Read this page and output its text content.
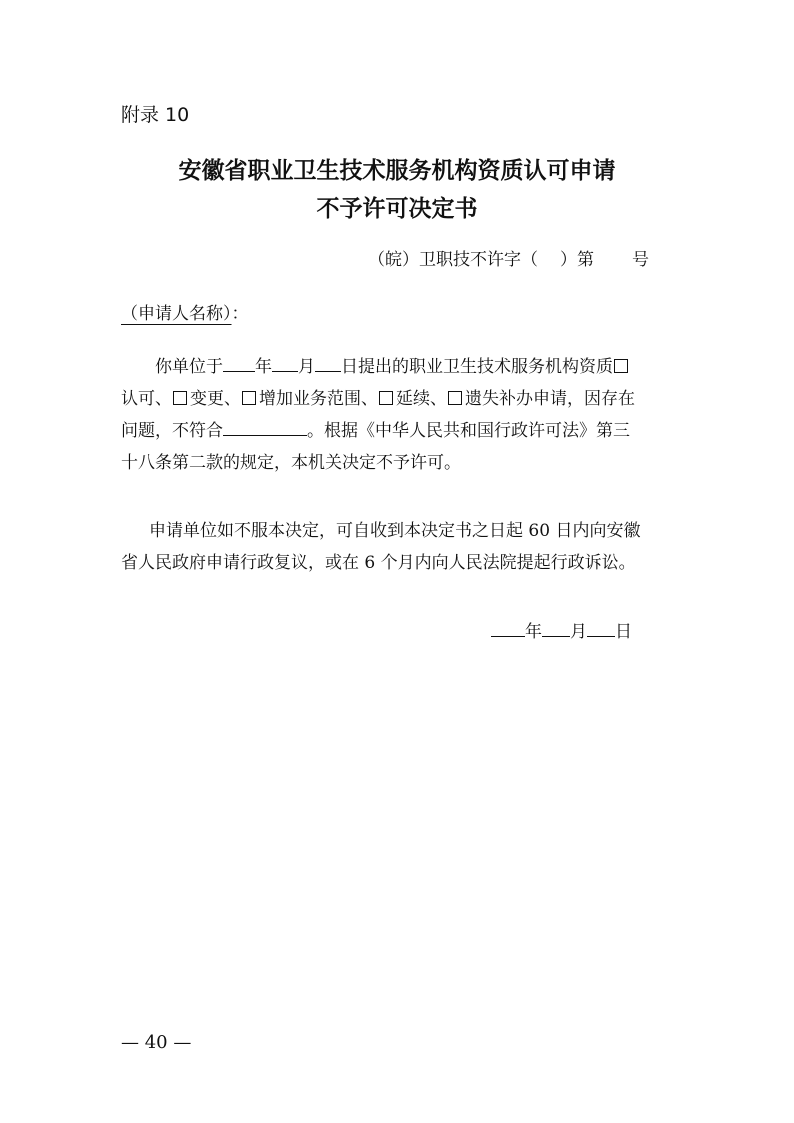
附录 10
安徽省职业卫生技术服务机构资质认可申请
不予许可决定书
（皖）卫职技不许字（ ）第 号
（申请人名称）：
你单位于 年 月 日提出的职业卫生技术服务机构资质
认可、 变更、 增加业务范围、 延续、 遗失补办申请，因存在
问题，不符合	。根据《中华人民共和国行政许可法》第三
十八条第二款的规定，本机关决定不予许可。
申请单位如不服本决定，可自收到本决定书之日起 60 日内向安徽
省人民政府申请行政复议，或在 6 个月内向人民法院提起行政诉讼。
年 月 日
— 40 —
